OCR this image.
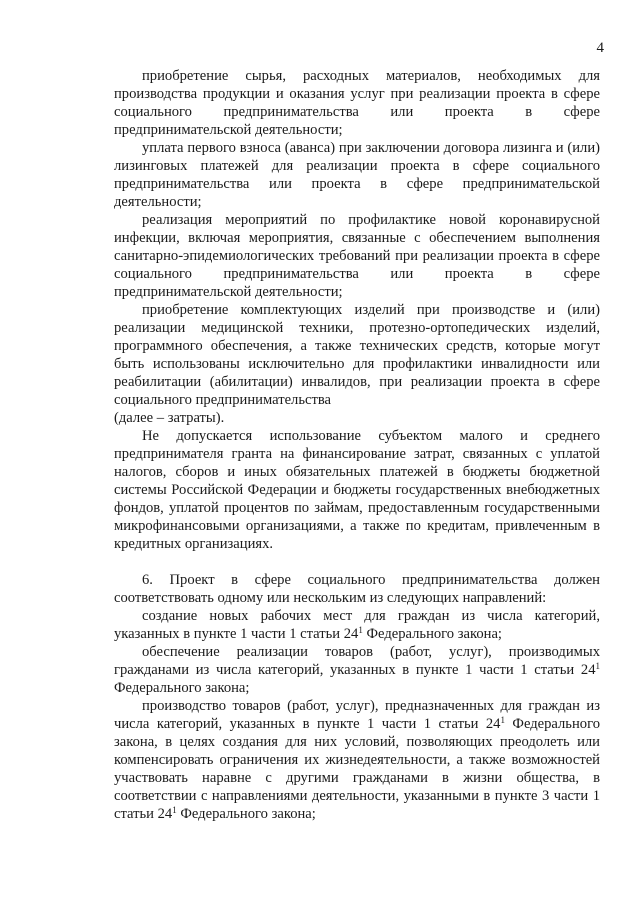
4

приобретение сырья, расходных материалов, необходимых для производства продукции и оказания услуг при реализации проекта в сфере социального предпринимательства или проекта в сфере предпринимательской деятельности;

уплата первого взноса (аванса) при заключении договора лизинга и (или) лизинговых платежей для реализации проекта в сфере социального предпринимательства или проекта в сфере предпринимательской деятельности;

реализация мероприятий по профилактике новой коронавирусной инфекции, включая мероприятия, связанные с обеспечением выполнения санитарно-эпидемиологических требований при реализации проекта в сфере социального предпринимательства или проекта в сфере предпринимательской деятельности;

приобретение комплектующих изделий при производстве и (или) реализации медицинской техники, протезно-ортопедических изделий, программного обеспечения, а также технических средств, которые могут быть использованы исключительно для профилактики инвалидности или реабилитации (абилитации) инвалидов, при реализации проекта в сфере социального предпринимательства

(далее – затраты).

Не допускается использование субъектом малого и среднего предпринимателя гранта на финансирование затрат, связанных с уплатой налогов, сборов и иных обязательных платежей в бюджеты бюджетной системы Российской Федерации и бюджеты государственных внебюджетных фондов, уплатой процентов по займам, предоставленным государственными микрофинансовыми организациями, а также по кредитам, привлеченным в кредитных организациях.

6. Проект в сфере социального предпринимательства должен соответствовать одному или нескольким из следующих направлений:

создание новых рабочих мест для граждан из числа категорий, указанных в пункте 1 части 1 статьи $24^1$ Федерального закона;

обеспечение реализации товаров (работ, услуг), производимых гражданами из числа категорий, указанных в пункте 1 части 1 статьи $24^1$ Федерального закона;

производство товаров (работ, услуг), предназначенных для граждан из числа категорий, указанных в пункте 1 части 1 статьи $24^1$ Федерального закона, в целях создания для них условий, позволяющих преодолеть или компенсировать ограничения их жизнедеятельности, а также возможностей участвовать наравне с другими гражданами в жизни общества, в соответствии с направлениями деятельности, указанными в пункте 3 части 1 статьи $24^1$ Федерального закона;
